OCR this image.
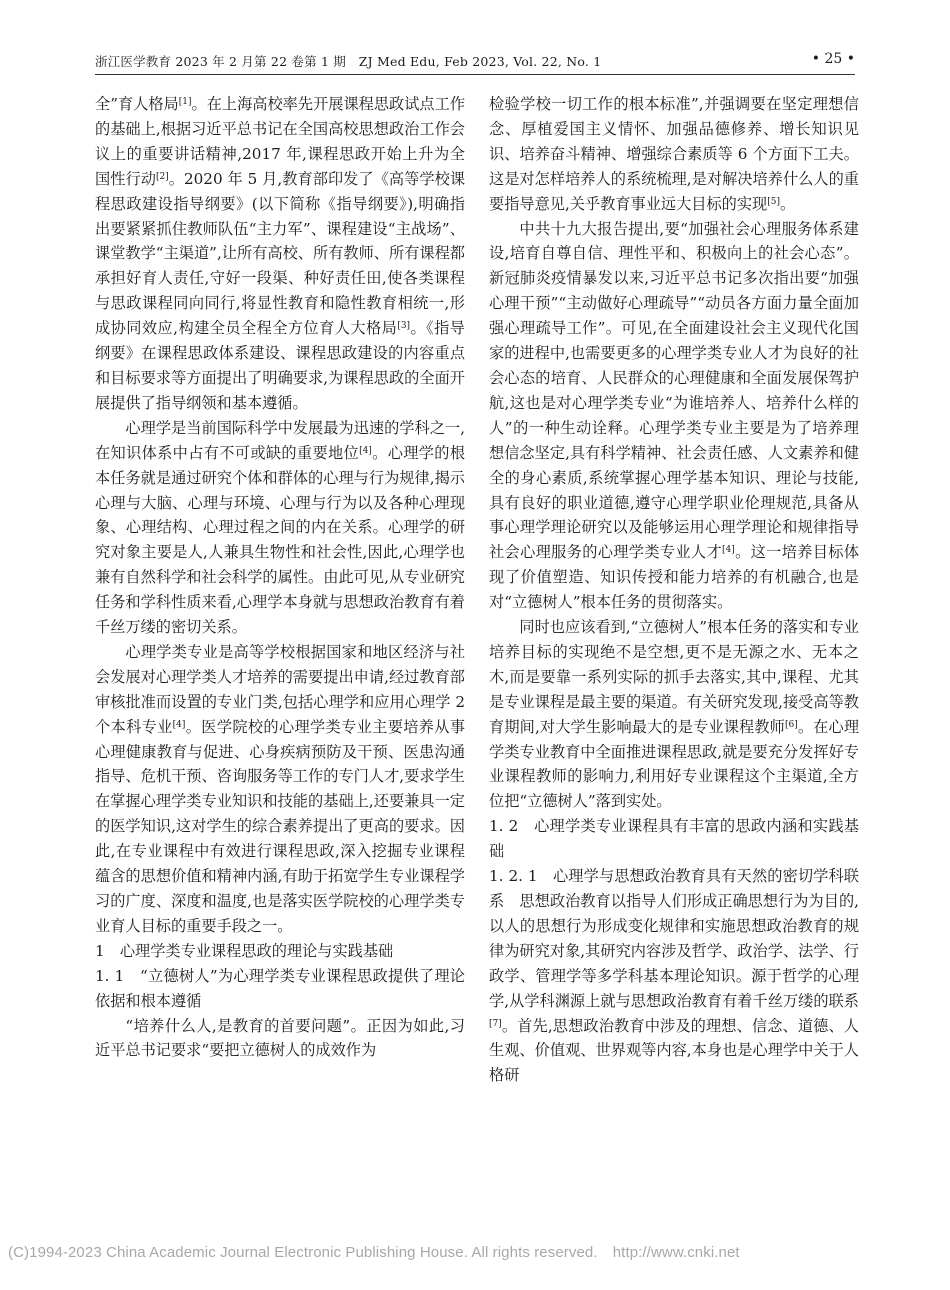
浙江医学教育 2023 年 2 月第 22 卷第 1 期　ZJ Med Edu, Feb 2023, Vol. 22, No. 1	• 25 •

全”育人格局[1]。在上海高校率先开展课程思政试点工作的基础上,根据习近平总书记在全国高校思想政治工作会议上的重要讲话精神,2017 年,课程思政开始上升为全国性行动[2]。2020 年 5 月,教育部印发了《高等学校课程思政建设指导纲要》(以下简称《指导纲要》),明确指出要紧紧抓住教师队伍“主力军”、课程建设“主战场”、课堂教学“主渠道”,让所有高校、所有教师、所有课程都承担好育人责任,守好一段渠、种好责任田,使各类课程与思政课程同向同行,将显性教育和隐性教育相统一,形成协同效应,构建全员全程全方位育人大格局[3]。《指导纲要》在课程思政体系建设、课程思政建设的内容重点和目标要求等方面提出了明确要求,为课程思政的全面开展提供了指导纲领和基本遵循。

心理学是当前国际科学中发展最为迅速的学科之一,在知识体系中占有不可或缺的重要地位[4]。心理学的根本任务就是通过研究个体和群体的心理与行为规律,揭示心理与大脑、心理与环境、心理与行为以及各种心理现象、心理结构、心理过程之间的内在关系。心理学的研究对象主要是人,人兼具生物性和社会性,因此,心理学也兼有自然科学和社会科学的属性。由此可见,从专业研究任务和学科性质来看,心理学本身就与思想政治教育有着千丝万缕的密切关系。

心理学类专业是高等学校根据国家和地区经济与社会发展对心理学类人才培养的需要提出申请,经过教育部审核批准而设置的专业门类,包括心理学和应用心理学 2 个本科专业[4]。医学院校的心理学类专业主要培养从事心理健康教育与促进、心身疾病预防及干预、医患沟通指导、危机干预、咨询服务等工作的专门人才,要求学生在掌握心理学类专业知识和技能的基础上,还要兼具一定的医学知识,这对学生的综合素养提出了更高的要求。因此,在专业课程中有效进行课程思政,深入挖掘专业课程蕴含的思想价值和精神内涵,有助于拓宽学生专业课程学习的广度、深度和温度,也是落实医学院校的心理学类专业育人目标的重要手段之一。

1　心理学类专业课程思政的理论与实践基础

1. 1　“立德树人”为心理学类专业课程思政提供了理论依据和根本遵循

“培养什么人,是教育的首要问题”。正因为如此,习近平总书记要求“要把立德树人的成效作为

检验学校一切工作的根本标准”,并强调要在坚定理想信念、厚植爱国主义情怀、加强品德修养、增长知识见识、培养奋斗精神、增强综合素质等 6 个方面下工夫。这是对怎样培养人的系统梳理,是对解决培养什么人的重要指导意见,关乎教育事业远大目标的实现[5]。

中共十九大报告提出,要“加强社会心理服务体系建设,培育自尊自信、理性平和、积极向上的社会心态”。新冠肺炎疫情暴发以来,习近平总书记多次指出要“加强心理干预”“主动做好心理疏导”“动员各方面力量全面加强心理疏导工作”。可见,在全面建设社会主义现代化国家的进程中,也需要更多的心理学类专业人才为良好的社会心态的培育、人民群众的心理健康和全面发展保驾护航,这也是对心理学类专业“为谁培养人、培养什么样的人”的一种生动诠释。心理学类专业主要是为了培养理想信念坚定,具有科学精神、社会责任感、人文素养和健全的身心素质,系统掌握心理学基本知识、理论与技能,具有良好的职业道德,遵守心理学职业伦理规范,具备从事心理学理论研究以及能够运用心理学理论和规律指导社会心理服务的心理学类专业人才[4]。这一培养目标体现了价值塑造、知识传授和能力培养的有机融合,也是对“立德树人”根本任务的贯彻落实。

同时也应该看到,“立德树人”根本任务的落实和专业培养目标的实现绝不是空想,更不是无源之水、无本之木,而是要靠一系列实际的抓手去落实,其中,课程、尤其是专业课程是最主要的渠道。有关研究发现,接受高等教育期间,对大学生影响最大的是专业课程教师[6]。在心理学类专业教育中全面推进课程思政,就是要充分发挥好专业课程教师的影响力,利用好专业课程这个主渠道,全方位把“立德树人”落到实处。

1. 2　心理学类专业课程具有丰富的思政内涵和实践基础

1. 2. 1　心理学与思想政治教育具有天然的密切学科联系　思想政治教育以指导人们形成正确思想行为为目的,以人的思想行为形成变化规律和实施思想政治教育的规律为研究对象,其研究内容涉及哲学、政治学、法学、行政学、管理学等多学科基本理论知识。源于哲学的心理学,从学科渊源上就与思想政治教育有着千丝万缕的联系[7]。首先,思想政治教育中涉及的理想、信念、道德、人生观、价值观、世界观等内容,本身也是心理学中关于人格研

(C)1994-2023 China Academic Journal Electronic Publishing House. All rights reserved.　http://www.cnki.net
